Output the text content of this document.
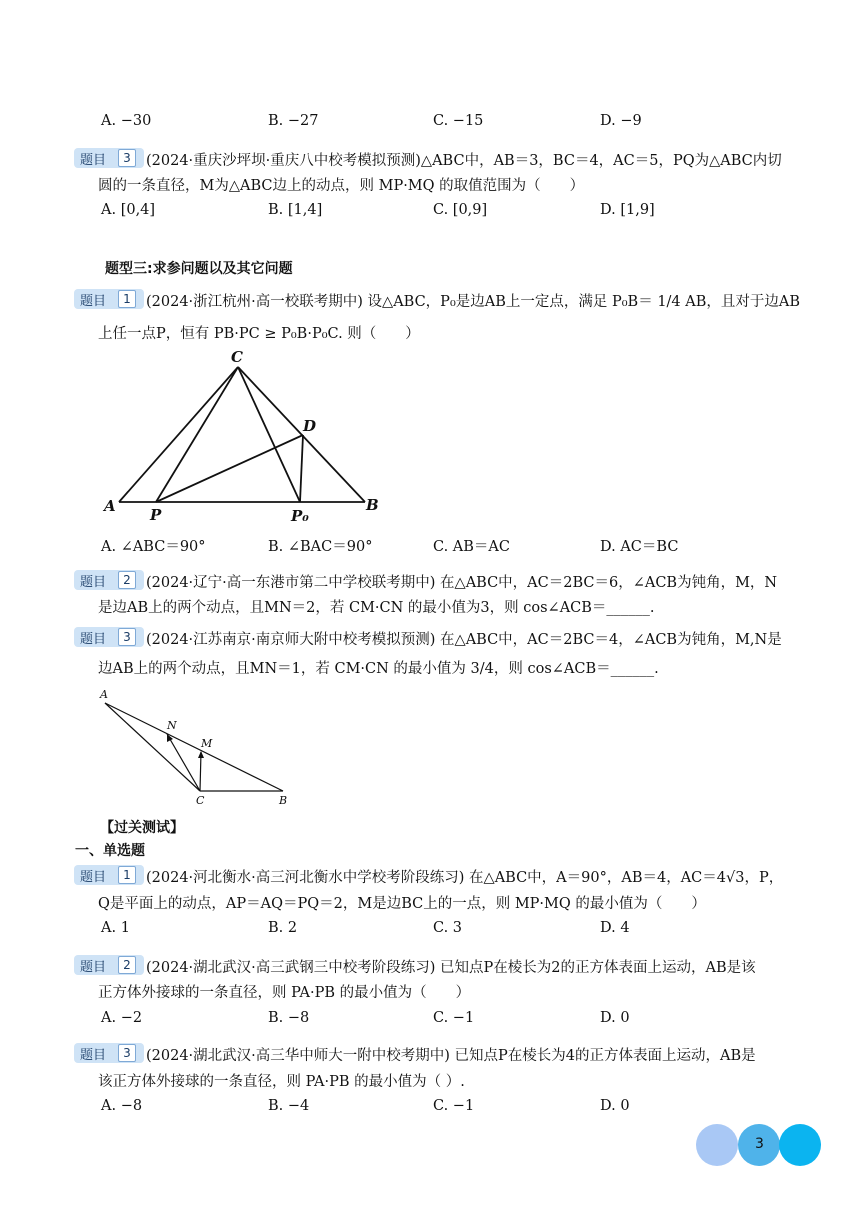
A. −30	B. −27	C. −15	D. −9
题目	3	(2024·重庆沙坪坝·重庆八中校考模拟预测)△ABC中，AB＝3，BC＝4，AC＝5，PQ为△ABC内切
圆的一条直径，M为△ABC边上的动点，则 MP·MQ 的取值范围为（　　）
A. [0,4]	B. [1,4]	C. [0,9]	D. [1,9]
题型三:求参问题以及其它问题
题目	1	(2024·浙江杭州·高一校联考期中) 设△ABC，P₀是边AB上一定点，满足 P₀B＝ 1/4 AB，且对于边AB
上任一点P，恒有 PB·PC ≥ P₀B·P₀C. 则（　　）
C
D
A P	P₀
B
A. ∠ABC＝90°	B. ∠BAC＝90°	C. AB＝AC	D. AC＝BC
题目	2	(2024·辽宁·高一东港市第二中学校联考期中) 在△ABC中，AC＝2BC＝6，∠ACB为钝角，M，N
是边AB上的两个动点，且MN＝2，若 CM·CN 的最小值为3，则 cos∠ACB＝______.
题目	3	(2024·江苏南京·南京师大附中校考模拟预测) 在△ABC中，AC＝2BC＝4，∠ACB为钝角，M,N是
边AB上的两个动点，且MN＝1，若 CM·CN 的最小值为 3/4，则 cos∠ACB＝______.
A
N
M
C	B
【过关测试】
一、单选题
题目	1	(2024·河北衡水·高三河北衡水中学校考阶段练习) 在△ABC中，A＝90°，AB＝4，AC＝4√3，P，
Q是平面上的动点，AP＝AQ＝PQ＝2，M是边BC上的一点，则 MP·MQ 的最小值为（　　）
A. 1	B. 2	C. 3	D. 4
题目	2	(2024·湖北武汉·高三武钢三中校考阶段练习) 已知点P在棱长为2的正方体表面上运动，AB是该
正方体外接球的一条直径，则 PA·PB 的最小值为（　　）
A. −2	B. −8	C. −1	D. 0
题目	3	(2024·湖北武汉·高三华中师大一附中校考期中) 已知点P在棱长为4的正方体表面上运动，AB是
该正方体外接球的一条直径，则 PA·PB 的最小值为（ ）.
A. −8	B. −4	C. −1	D. 0
3
